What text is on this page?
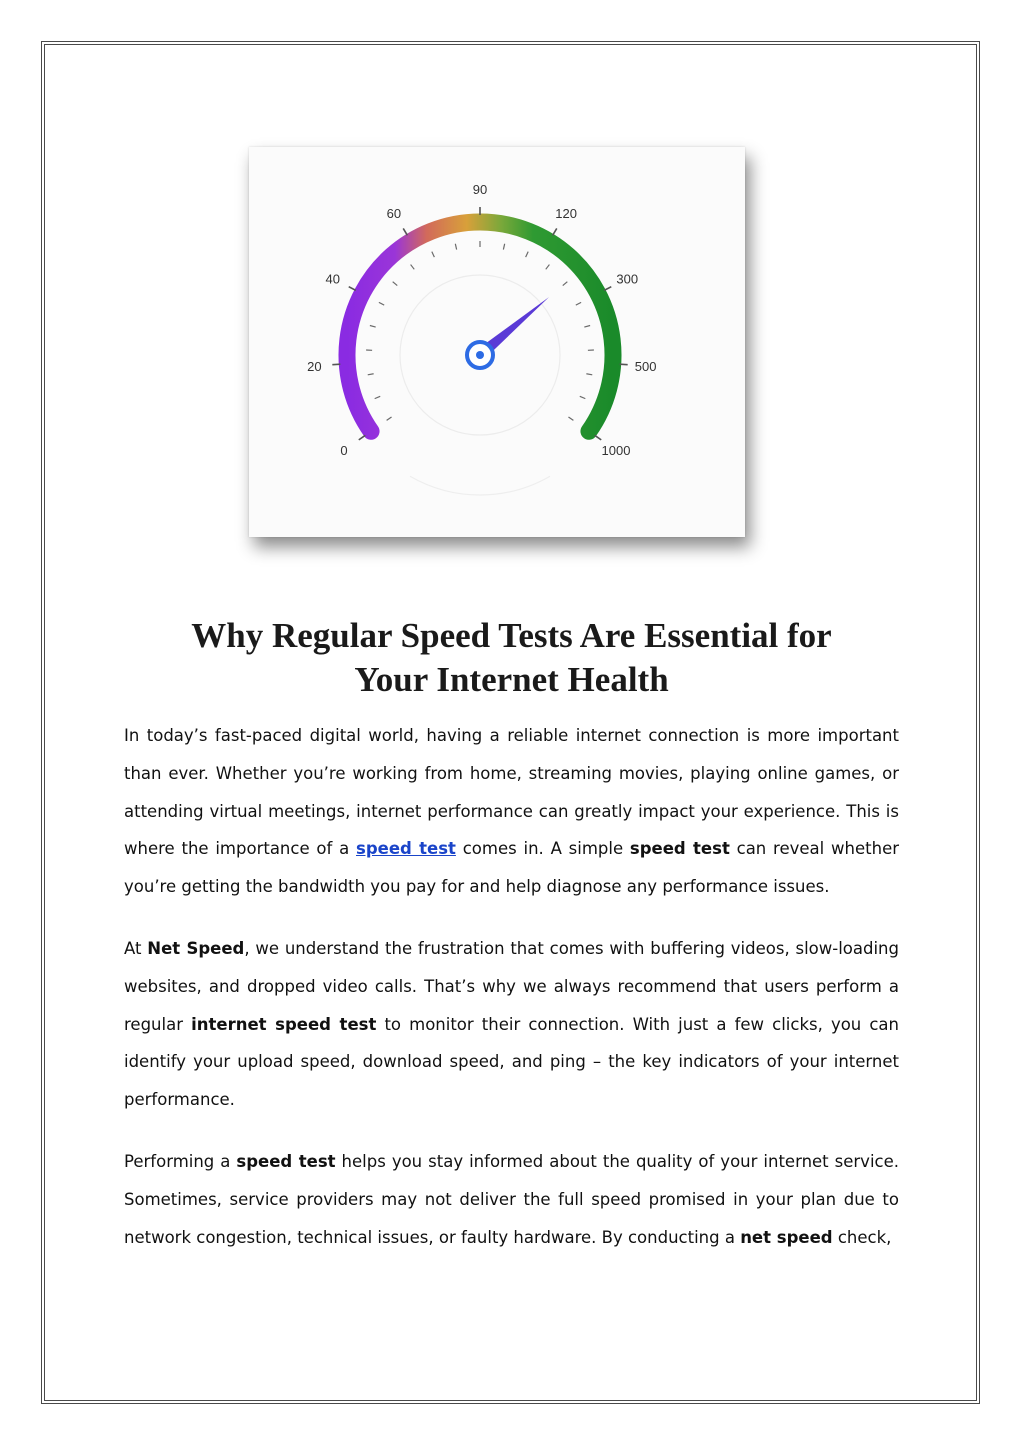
0
20
40
60
90
120
300
500
1000
Why Regular Speed Tests Are Essential for
Your Internet Health

In today’s fast-paced digital world, having a reliable internet connection is more important than ever. Whether you’re working from home, streaming movies, playing online games, or attending virtual meetings, internet performance can greatly impact your experience. This is where the importance of a speed test comes in. A simple speed test can reveal whether you’re getting the bandwidth you pay for and help diagnose any performance issues.

At Net Speed, we understand the frustration that comes with buffering videos, slow-loading websites, and dropped video calls. That’s why we always recommend that users perform a regular internet speed test to monitor their connection. With just a few clicks, you can identify your upload speed, download speed, and ping – the key indicators of your internet performance.

Performing a speed test helps you stay informed about the quality of your internet service. Sometimes, service providers may not deliver the full speed promised in your plan due to network congestion, technical issues, or faulty hardware. By conducting a net speed check,
